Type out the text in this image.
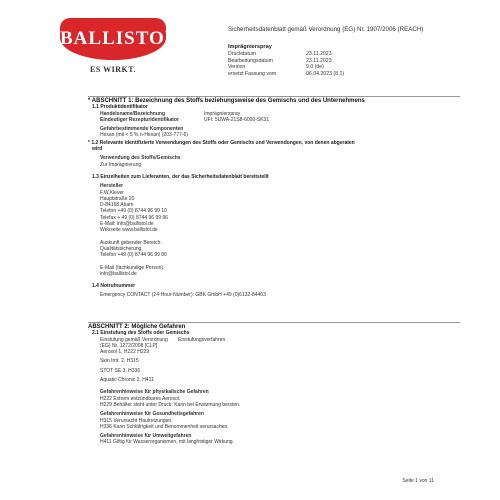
BALLISTOL
ES WIRKT.
Sicherheitsdatenblatt gemäß Verordnung (EG) Nr. 1907/2006 (REACH)
Imprägnierspray
Druckdatum	23.11.2023
Bearbeitungsdatum	23.11.2023
Version	9.0 (de)
ersetzt Fassung vom	06.04.2023 (8.1)
* ABSCHNITT 1: Bezeichnung des Stoffs beziehungsweise des Gemischs und des Unternehmens
1.1 Produktidentifikator
Handelsname/Bezeichnung	Imprägnierspray
Eindeutiger Rezepturidentifikator	UFI: 5UWA-21S8-6000-SK31
Gefahrbestimmende Komponenten
Hexan (mit < 5 % n-Hexan) (203-777-6)
* 1.2 Relevante identifizierte Verwendungen des Stoffs oder Gemischs und Verwendungen, von denen abgeraten
wird
Verwendung des Stoffs/Gemischs
Zur Imprägnierung
1.3 Einzelheiten zum Lieferanten, der das Sicherheitsdatenblatt bereitstellt
Hersteller
F.W.Klever
Hauptstraße 20
D-84168 Aham
Telefon +49 (0) 8744 96 99 10
Telefax + 49 (0) 8744 96 99 96
E-Mail: info@ballistol.de
Webseite www.ballistol.de
Auskunft gebender Bereich:
Qualitätssicherung
Telefon +49 (0) 8744 96 99 80
E-Mail (fachkundige Person):
info@ballistol.de
1.4 Notrufnummer
Emergency CONTACT (24-Hour-Number): GBK GmbH +49 (0)6132-84463
ABSCHNITT 2: Mögliche Gefahren
2.1 Einstufung des Stoffs oder Gemischs
Einstufung gemäß Verordnung	Einstufungsverfahren
(EG) Nr. 1272/2008 [CLP]
Aerosol 1, H222 H229
Skin Irrit. 2, H315
STOT SE 3, H336
Aquatic Chronic 2, H411
Gefahrenhinweise für physikalische Gefahren
H222 Extrem entzündbares Aerosol.
H229 Behälter steht unter Druck: Kann bei Erwärmung bersten.
Gefahrenhinweise für Gesundheitsgefahren
H315 Verursacht Hautreizungen.
H336 Kann Schläfrigkeit und Benommenheit verursachen.
Gefahrenhinweise für Umweltgefahren
H411 Giftig für Wasserorganismen, mit langfristiger Wirkung.
Seite 1 von 11
